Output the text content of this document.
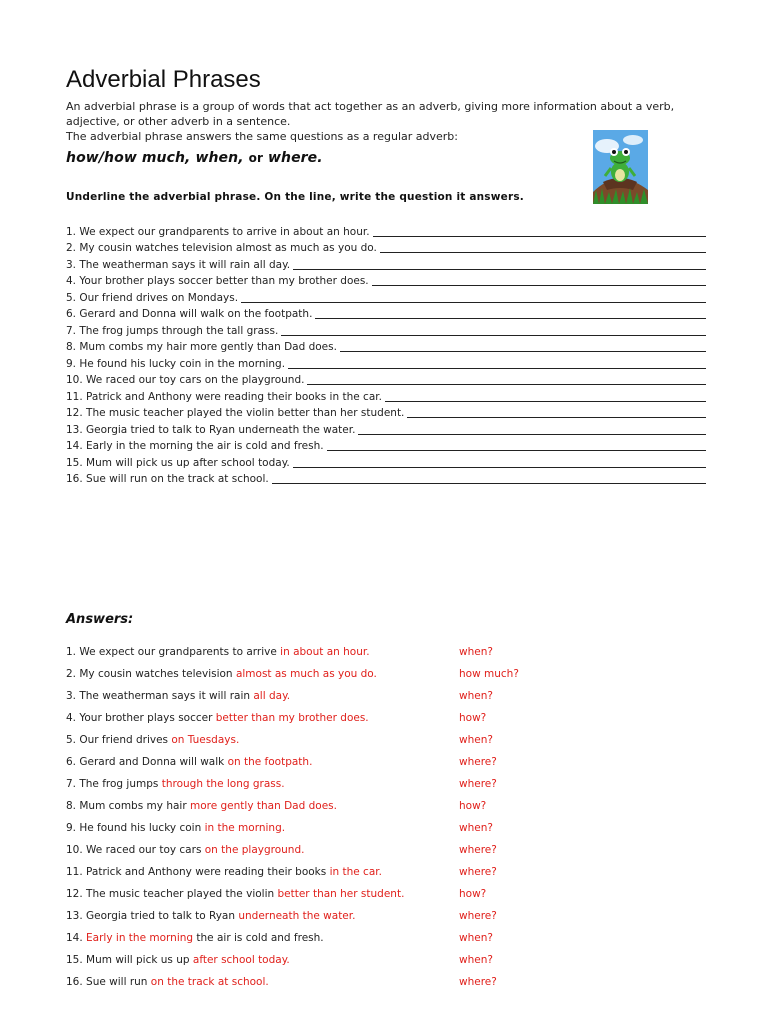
Adverbial Phrases

An adverbial phrase is a group of words that act together as an adverb, giving more information about a verb, adjective, or other adverb in a sentence.

The adverbial phrase answers the same questions as a regular adverb:

how/how much, when, or where.
Underline the adverbial phrase. On the line, write the question it answers.
1. We expect our grandparents to arrive in about an hour.
2. My cousin watches television almost as much as you do.
3. The weatherman says it will rain all day.
4. Your brother plays soccer better than my brother does.
5. Our friend drives on Mondays.
6. Gerard and Donna will walk on the footpath.
7. The frog jumps through the tall grass.
8. Mum combs my hair more gently than Dad does.
9. He found his lucky coin in the morning.
10. We raced our toy cars on the playground.
11. Patrick and Anthony were reading their books in the car.
12. The music teacher played the violin better than her student.
13. Georgia tried to talk to Ryan underneath the water.
14. Early in the morning the air is cold and fresh.
15. Mum will pick us up after school today.
16. Sue will run on the track at school.
Answers:
1. We expect our grandparents to arrive in about an hour.	when?
2. My cousin watches television almost as much as you do.	how much?
3. The weatherman says it will rain all day.	when?
4. Your brother plays soccer better than my brother does.	how?
5. Our friend drives on Tuesdays.	when?
6. Gerard and Donna will walk on the footpath.	where?
7. The frog jumps through the long grass.	where?
8. Mum combs my hair more gently than Dad does.	how?
9. He found his lucky coin in the morning.	when?
10. We raced our toy cars on the playground.	where?
11. Patrick and Anthony were reading their books in the car.	where?
12. The music teacher played the violin better than her student.	how?
13. Georgia tried to talk to Ryan underneath the water.	where?
14. Early in the morning the air is cold and fresh.	when?
15. Mum will pick us up after school today.	when?
16. Sue will run on the track at school.	where?
